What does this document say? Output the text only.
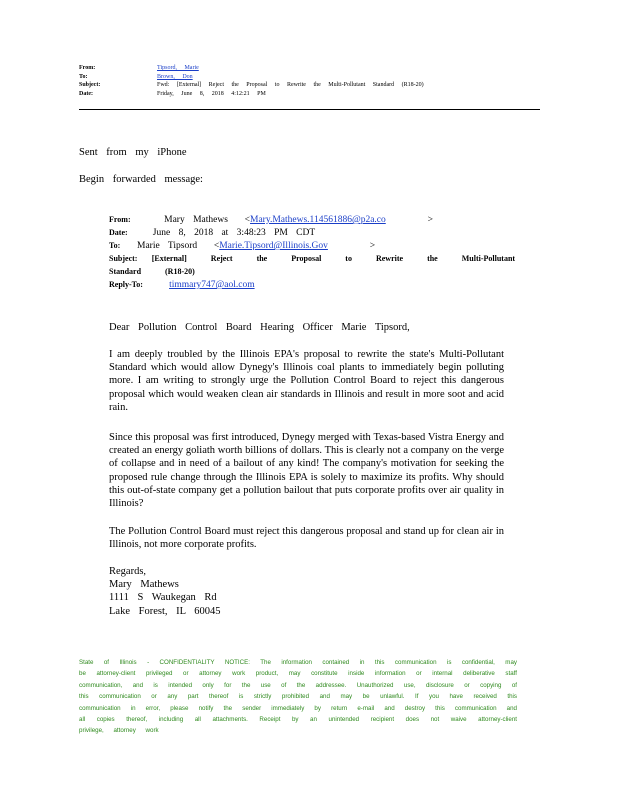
From:	Tipsord, Marie
To:	Brown, Don
Subject:	Fwd: [External] Reject the Proposal to Rewrite the Multi-Pollutant Standard (R18-20)
Date:	Friday, June 8, 2018 4:12:21 PM
Sent from my iPhone
Begin forwarded message:
From:	Mary Mathews  <Mary.Mathews.114561886@p2a.co     >
Date:	June 8, 2018 at 3:48:23 PM CDT
To: Marie Tipsord  <Marie.Tipsord@Illinois.Gov     >
Subject: [External] Reject the Proposal to Rewrite the Multi-Pollutant
Standard (R18-20)
Reply-To:	timmary747@aol.com
Dear Pollution Control Board Hearing Officer Marie Tipsord,
I am deeply troubled by the Illinois EPA's proposal to rewrite the state's Multi-Pollutant Standard which would allow Dynegy's Illinois coal plants to immediately begin polluting more. I am writing to strongly urge the Pollution Control Board to reject this dangerous proposal which would weaken clean air standards in Illinois and result in more soot and acid rain.
Since this proposal was first introduced, Dynegy merged with Texas-based Vistra Energy and created an energy goliath worth billions of dollars. This is clearly not a company on the verge of collapse and in need of a bailout of any kind! The company's motivation for seeking the proposed rule change through the Illinois EPA is solely to maximize its profits. Why should this out-of-state company get a pollution bailout that puts corporate profits over air quality in Illinois?
The Pollution Control Board must reject this dangerous proposal and stand up for clean air in Illinois, not more corporate profits.
Regards,
Mary Mathews
1111 S Waukegan Rd
Lake Forest, IL 60045
State of Illinois - CONFIDENTIALITY NOTICE: The information contained in this communication is confidential, may be attorney-client privileged or attorney work product, may constitute inside information or internal deliberative staff communication, and is intended only for the use of the addressee. Unauthorized use, disclosure or copying of this communication or any part thereof is strictly prohibited and may be unlawful. If you have received this communication in error, please notify the sender immediately by return e-mail and destroy this communication and all copies thereof, including all attachments. Receipt by an unintended recipient does not waive attorney-client privilege, attorney work
